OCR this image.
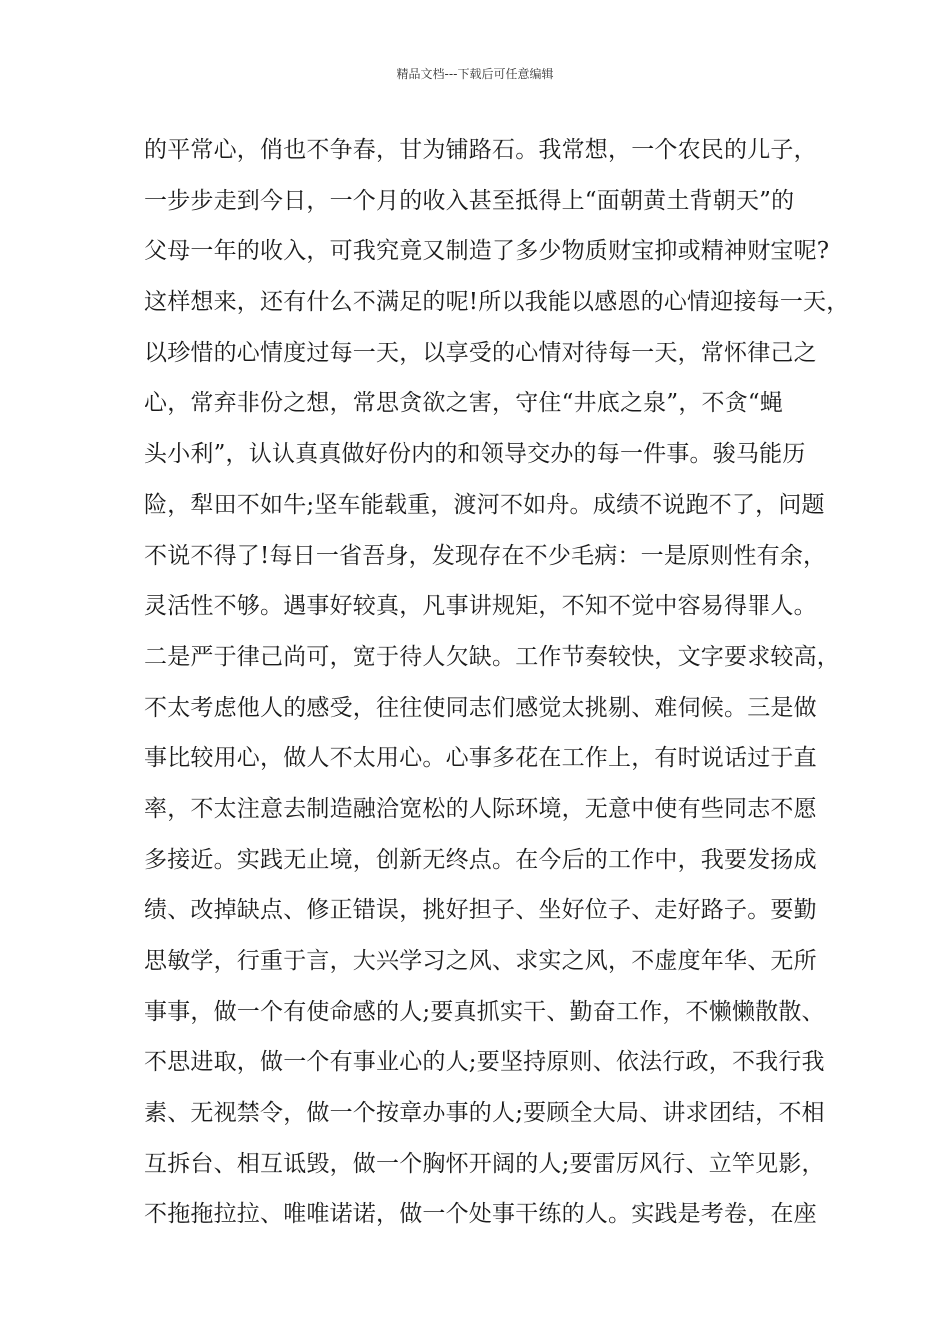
精品文档---下载后可任意编辑
的平常心，俏也不争春，甘为铺路石。我常想，一个农民的儿子，
一步步走到今日，一个月的收入甚至抵得上“面朝黄土背朝天”的
父母一年的收入，可我究竟又制造了多少物质财宝抑或精神财宝呢?
这样想来，还有什么不满足的呢!所以我能以感恩的心情迎接每一天，
以珍惜的心情度过每一天，以享受的心情对待每一天，常怀律己之
心，常弃非份之想，常思贪欲之害，守住“井底之泉”，不贪“蝇
头小利”，认认真真做好份内的和领导交办的每一件事。骏马能历
险，犁田不如牛;坚车能载重，渡河不如舟。成绩不说跑不了，问题
不说不得了!每日一省吾身，发现存在不少毛病：一是原则性有余，
灵活性不够。遇事好较真，凡事讲规矩，不知不觉中容易得罪人。
二是严于律己尚可，宽于待人欠缺。工作节奏较快，文字要求较高，
不太考虑他人的感受，往往使同志们感觉太挑剔、难伺候。三是做
事比较用心，做人不太用心。心事多花在工作上，有时说话过于直
率，不太注意去制造融洽宽松的人际环境，无意中使有些同志不愿
多接近。实践无止境，创新无终点。在今后的工作中，我要发扬成
绩、改掉缺点、修正错误，挑好担子、坐好位子、走好路子。要勤
思敏学，行重于言，大兴学习之风、求实之风，不虚度年华、无所
事事，做一个有使命感的人;要真抓实干、勤奋工作，不懒懒散散、
不思进取，做一个有事业心的人;要坚持原则、依法行政，不我行我
素、无视禁令，做一个按章办事的人;要顾全大局、讲求团结，不相
互拆台、相互诋毁，做一个胸怀开阔的人;要雷厉风行、立竿见影，
不拖拖拉拉、唯唯诺诺，做一个处事干练的人。实践是考卷，在座
